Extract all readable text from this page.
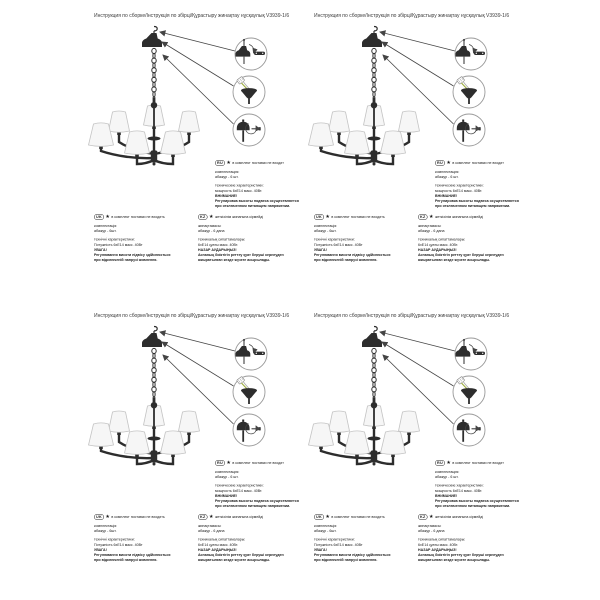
Инструкция по сборке/Інструкція по збірці/Құрастыру жинақтау нұсқаулық V3939-1/6
RU ★ в комплект поставки не входит
комплектация:
абажур - 6 шт.
технические характеристики:
мощность 6хЕ14 макс. 40Вт.
ВНИМАНИЕ!
Регулировка высоты подвеса осуществляется
при отключенном питающем напряжении.
UK ★ в комплект поставки не входить
комплектація:
абажур - 6шт.
технічні характеристики:
Потужність 6хЕ14 макс. 40Вт
УВАГА!
Регулювання висоти підвісу здійснюється
при відключеній напрузі живлення.
KZ ★ жеткізілім жинағына кірмейді
жинақтамасы:
абажур - 6 дана
техникалық сипаттамалары:
6хЕ14 қуаты макс. 40Вт.
НАЗАР АУДАРЫҢЫЗ!
Аспаның биіктігін реттеу қуат беруші кернеуден
ажыратылған кезде жүзеге асырылады.
Инструкция по сборке/Інструкція по збірці/Құрастыру жинақтау нұсқаулық V3939-1/6
RU ★ в комплект поставки не входит
комплектация:
абажур - 6 шт.
технические характеристики:
мощность 6хЕ14 макс. 40Вт.
ВНИМАНИЕ!
Регулировка высоты подвеса осуществляется
при отключенном питающем напряжении.
UK ★ в комплект поставки не входить
комплектація:
абажур - 6шт.
технічні характеристики:
Потужність 6хЕ14 макс. 40Вт
УВАГА!
Регулювання висоти підвісу здійснюється
при відключеній напрузі живлення.
KZ ★ жеткізілім жинағына кірмейді
жинақтамасы:
абажур - 6 дана
техникалық сипаттамалары:
6хЕ14 қуаты макс. 40Вт.
НАЗАР АУДАРЫҢЫЗ!
Аспаның биіктігін реттеу қуат беруші кернеуден
ажыратылған кезде жүзеге асырылады.
Инструкция по сборке/Інструкція по збірці/Құрастыру жинақтау нұсқаулық V3939-1/6
RU ★ в комплект поставки не входит
комплектация:
абажур - 6 шт.
технические характеристики:
мощность 6хЕ14 макс. 40Вт.
ВНИМАНИЕ!
Регулировка высоты подвеса осуществляется
при отключенном питающем напряжении.
UK ★ в комплект поставки не входить
комплектація:
абажур - 6шт.
технічні характеристики:
Потужність 6хЕ14 макс. 40Вт
УВАГА!
Регулювання висоти підвісу здійснюється
при відключеній напрузі живлення.
KZ ★ жеткізілім жинағына кірмейді
жинақтамасы:
абажур - 6 дана
техникалық сипаттамалары:
6хЕ14 қуаты макс. 40Вт.
НАЗАР АУДАРЫҢЫЗ!
Аспаның биіктігін реттеу қуат беруші кернеуден
ажыратылған кезде жүзеге асырылады.
Инструкция по сборке/Інструкція по збірці/Құрастыру жинақтау нұсқаулық V3939-1/6
RU ★ в комплект поставки не входит
комплектация:
абажур - 6 шт.
технические характеристики:
мощность 6хЕ14 макс. 40Вт.
ВНИМАНИЕ!
Регулировка высоты подвеса осуществляется
при отключенном питающем напряжении.
UK ★ в комплект поставки не входить
комплектація:
абажур - 6шт.
технічні характеристики:
Потужність 6хЕ14 макс. 40Вт
УВАГА!
Регулювання висоти підвісу здійснюється
при відключеній напрузі живлення.
KZ ★ жеткізілім жинағына кірмейді
жинақтамасы:
абажур - 6 дана
техникалық сипаттамалары:
6хЕ14 қуаты макс. 40Вт.
НАЗАР АУДАРЫҢЫЗ!
Аспаның биіктігін реттеу қуат беруші кернеуден
ажыратылған кезде жүзеге асырылады.
